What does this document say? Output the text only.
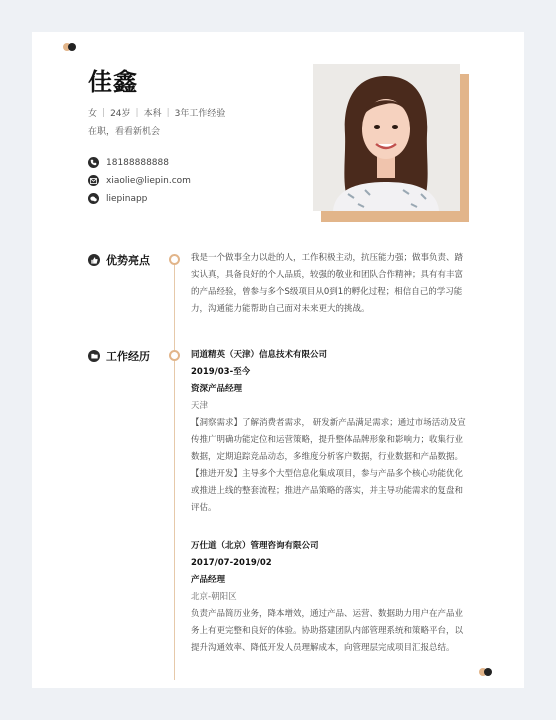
佳鑫
女 | 24岁 | 本科 | 3年工作经验
在职，看看新机会
18188888888
xiaolie@liepin.com
liepinapp
优势亮点	我是一个做事全力以赴的人，工作积极主动，抗压能力强；做事负责、踏实认真，具备良好的个人品质，较强的敬业和团队合作精神；具有有丰富的产品经验，曾参与多个S级项目从0到1的孵化过程；相信自己的学习能力，沟通能力能帮助自己面对未来更大的挑战。
工作经历	同道精英（天津）信息技术有限公司
2019/03-至今
资深产品经理
天津
【洞察需求】了解消费者需求， 研发新产品满足需求；通过市场活动及宣传推广明确功能定位和运营策略，提升整体品牌形象和影响力；收集行业数据，定期追踪竞品动态，多维度分析客户数据，行业数据和产品数据。
【推进开发】主导多个大型信息化集成项目，参与产品多个核心功能优化或推进上线的整套流程；推进产品策略的落实，并主导功能需求的复盘和评估。
万仕道（北京）管理咨询有限公司
2017/07-2019/02
产品经理
北京-朝阳区
负责产品简历业务，降本增效，通过产品、运营、数据助力用户在产品业务上有更完整和良好的体验。协助搭建团队内部管理系统和策略平台，以提升沟通效率、降低开发人员理解成本，向管理层完成项目汇报总结。
